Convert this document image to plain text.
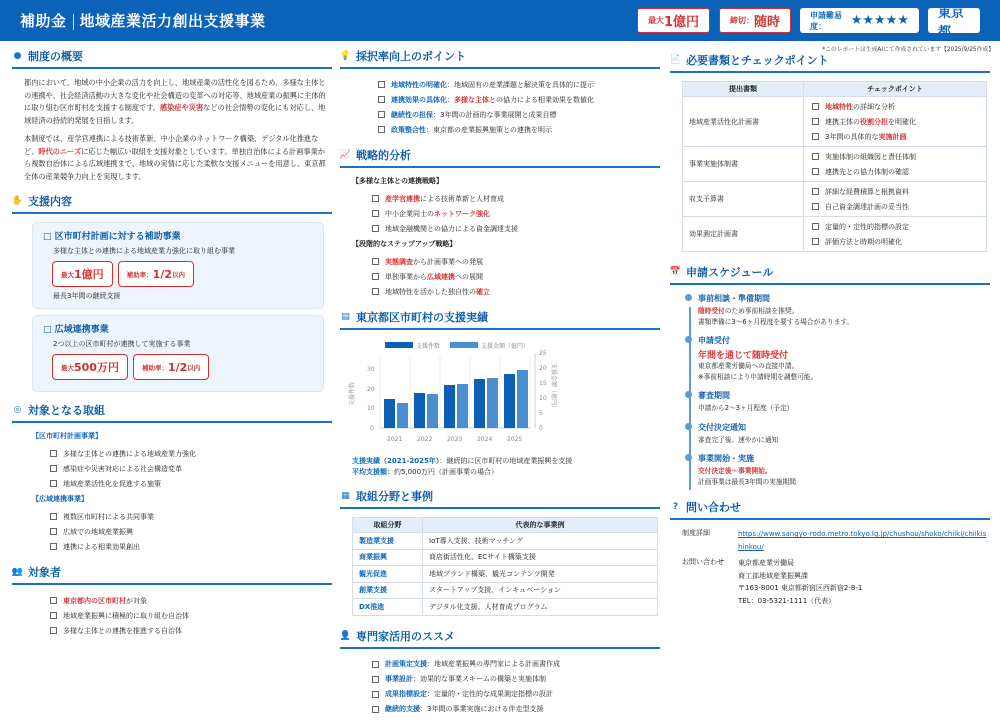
補助金 地域産業活力創出支援事業	最大 1億円	締切： 随時	申請難易度：	★★★★★ 東京都
*このレポートは生成AIにて作成されています【2025/9/25作成】
● 制度の概要

都内において、地域の中小企業の活力を向上し、地域産業の活性化を図るため、多様な主体との連携や、社会経済活動の大きな変化や社会構造の変革への対応等、地域産業の振興に主体的に取り組む区市町村を支援する制度です。感染症や災害などの社会情勢の変化にも対応し、地域経済の持続的発展を目指します。

本制度では、産学官連携による技術革新、中小企業のネットワーク構築、デジタル化推進など、時代のニーズに応じた幅広い取組を支援対象としています。単独自治体による計画事業から複数自治体による広域連携まで、地域の実情に応じた柔軟な支援メニューを用意し、東京都全体の産業競争力向上を実現します。

✋ 支援内容
□ 区市町村計画に対する補助事業
多様な主体との連携による地域産業力強化に取り組む事業
最大 1億円	補助率： 1/2 以内
最長3年間の継続支援
□ 広域連携事業
2つ以上の区市町村が連携して実施する事業
最大 500万円	補助率： 1/2 以内
◎ 対象となる取組
【区市町村計画事業】
多様な主体との連携による地域産業力強化
感染症や災害対応による社会構造変革
地域産業活性化を促進する施策
【広域連携事業】
複数区市町村による共同事業
広域での地域産業振興
連携による相乗効果創出
👥 対象者
東京都内の区市町村が対象
地域産業振興に積極的に取り組む自治体
多様な主体との連携を推進する自治体
💡 採択率向上のポイント
地域特性の明確化：地域固有の産業課題と解決策を具体的に提示
連携効果の具体化：多様な主体との協力による相乗効果を数値化
継続性の担保：3年間の計画的な事業展開と成果目標
政策整合性：東京都の産業振興施策との連携を明示
📈 戦略的分析
【多様な主体との連携戦略】
産学官連携による技術革新と人材育成
中小企業同士のネットワーク強化
地域金融機関との協力による資金調達支援
【段階的なステップアップ戦略】
実態調査から計画事業への発展
単独事業から広域連携への展開
地域特性を活かした独自性の確立
▤ 東京都区市町村の支援実績
支援件数	支援金額（億円）
0
10
20
30
0
5
10
15
20
25
2021 2022 2023 2024 2025
支援件数	支援金額（億円）
支援実績（2021-2025年）：継続的に区市町村の地域産業振興を支援
平均支援額：約5,000万円（計画事業の場合）
▦ 取組分野と事例
取組分野	代表的な事業例
製造業支援	IoT導入支援、技術マッチング
商業振興	商店街活性化、ECサイト構築支援
観光促進	地域ブランド構築、観光コンテンツ開発
創業支援	スタートアップ支援、インキュベーション
DX推進	デジタル化支援、人材育成プログラム
👤 専門家活用のススメ
計画策定支援：地域産業振興の専門家による計画書作成
事業設計：効果的な事業スキームの構築と実施体制
成果指標設定：定量的・定性的な成果測定指標の設計
継続的支援：3年間の事業実施における伴走型支援
📄 必要書類とチェックポイント
提出書類	チェックポイント
地域産業活性化計画書	地域特性の詳細な分析
連携主体の役割分担を明確化
3年間の具体的な実施計画

事業実施体制書	実施体制の組織図と責任体制
連携先との協力体制の確認

収支予算書	詳細な経費積算と根拠資料
自己資金調達計画の妥当性

効果測定計画書	定量的・定性的指標の設定
評価方法と時期の明確化
📅 申請スケジュール
事前相談・準備期間
随時受付のため事前相談を推奨。
書類準備に3〜6ヶ月程度を要する場合があります。
申請受付
年間を通じて随時受付
東京都産業労働局への直接申請。
※事前相談により申請時期を調整可能。
審査期間
申請から2〜3ヶ月程度（予定）
交付決定通知
審査完了後、速やかに通知
事業開始・実施
交付決定後〜事業開始。
計画事業は最長3年間の実施期間
? 問い合わせ
制度詳細	https://www.sangyo-rodo.metro.tokyo.lg.jp/chushou/shoko/chiiki/chiikishinkou/
お問い合わせ	東京都産業労働局
商工部地域産業振興課
〒163-8001 東京都新宿区西新宿2-8-1
TEL：03-5321-1111（代表）
